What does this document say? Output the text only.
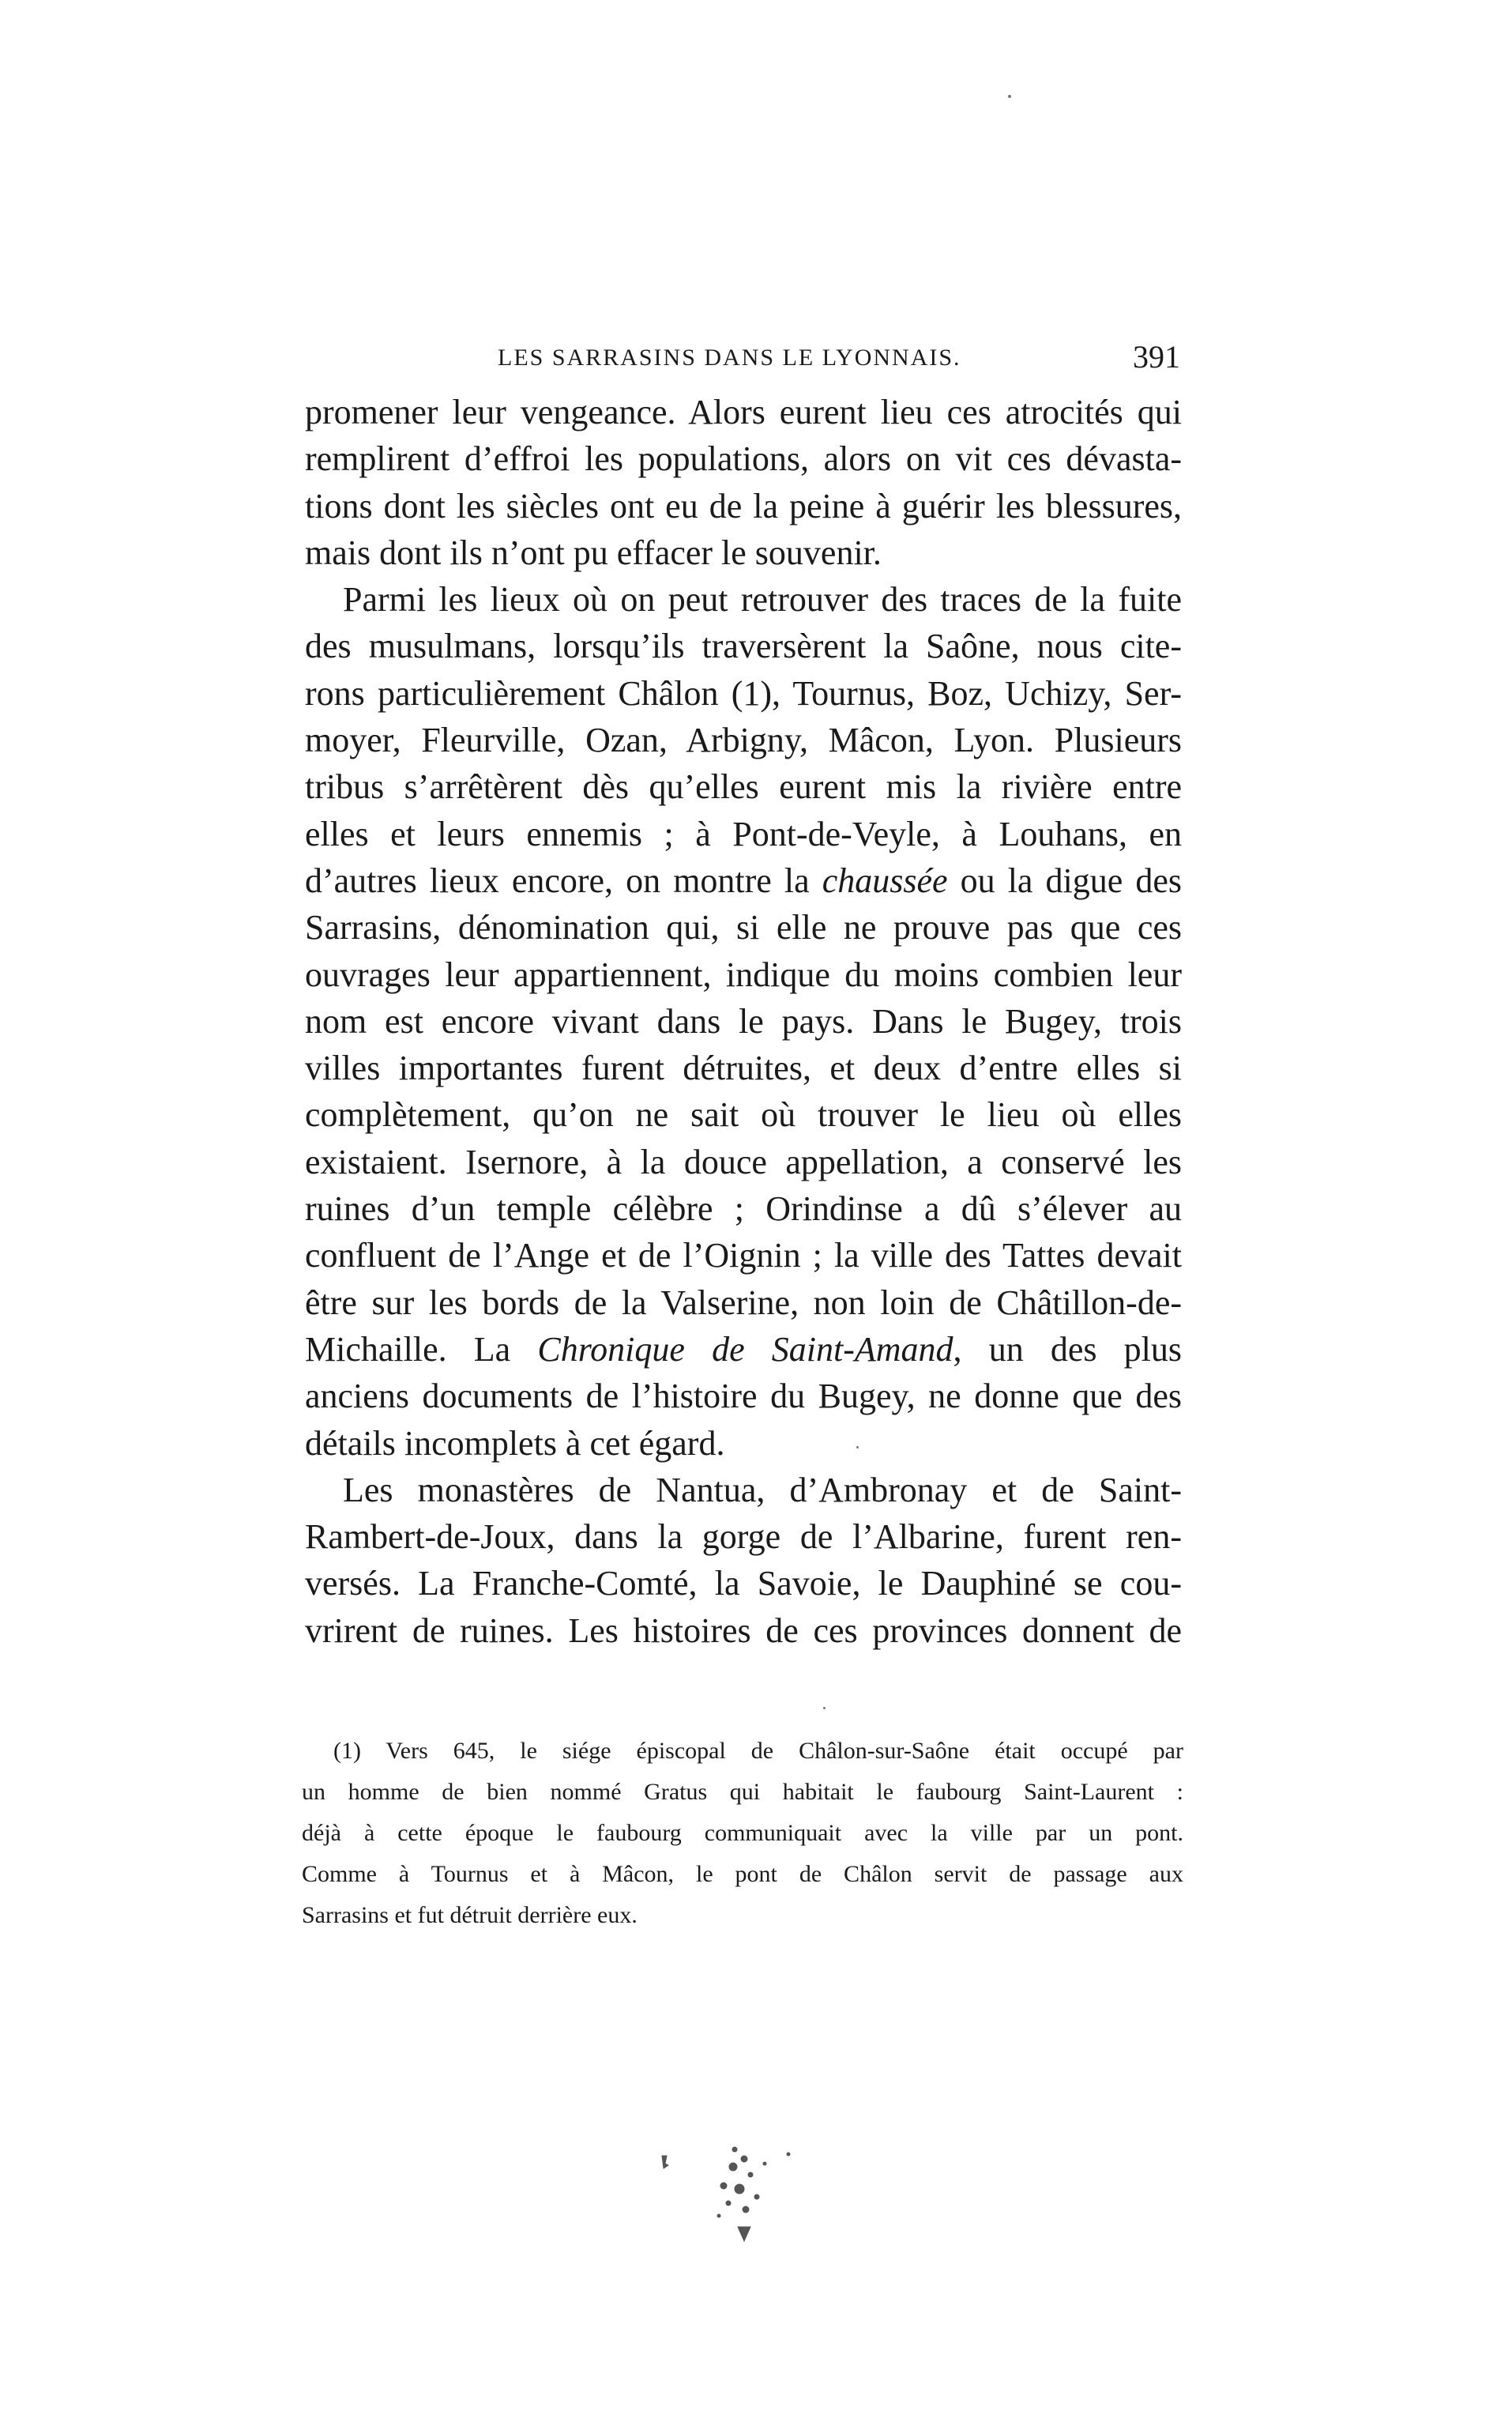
LES SARRASINS DANS LE LYONNAIS.	391
promener leur vengeance. Alors eurent lieu ces atrocités qui
remplirent d’effroi les populations, alors on vit ces dévasta-
tions dont les siècles ont eu de la peine à guérir les blessures,
mais dont ils n’ont pu effacer le souvenir.
Parmi les lieux où on peut retrouver des traces de la fuite
des musulmans, lorsqu’ils traversèrent la Saône, nous cite-
rons particulièrement Châlon (1), Tournus, Boz, Uchizy, Ser-
moyer, Fleurville, Ozan, Arbigny, Mâcon, Lyon. Plusieurs
tribus s’arrêtèrent dès qu’elles eurent mis la rivière entre
elles et leurs ennemis ; à Pont-de-Veyle, à Louhans, en
d’autres lieux encore, on montre la chaussée ou la digue des
Sarrasins, dénomination qui, si elle ne prouve pas que ces
ouvrages leur appartiennent, indique du moins combien leur
nom est encore vivant dans le pays. Dans le Bugey, trois
villes importantes furent détruites, et deux d’entre elles si
complètement, qu’on ne sait où trouver le lieu où elles
existaient. Isernore, à la douce appellation, a conservé les
ruines d’un temple célèbre ; Orindinse a dû s’élever au
confluent de l’Ange et de l’Oignin ; la ville des Tattes devait
être sur les bords de la Valserine, non loin de Châtillon-de-
Michaille. La Chronique de Saint-Amand, un des plus
anciens documents de l’histoire du Bugey, ne donne que des
détails incomplets à cet égard.
Les monastères de Nantua, d’Ambronay et de Saint-
Rambert-de-Joux, dans la gorge de l’Albarine, furent ren-
versés. La Franche-Comté, la Savoie, le Dauphiné se cou-
vrirent de ruines. Les histoires de ces provinces donnent de
(1) Vers 645, le siége épiscopal de Châlon-sur-Saône était occupé par
un homme de bien nommé Gratus qui habitait le faubourg Saint-Laurent :
déjà à cette époque le faubourg communiquait avec la ville par un pont.
Comme à Tournus et à Mâcon, le pont de Châlon servit de passage aux
Sarrasins et fut détruit derrière eux.
